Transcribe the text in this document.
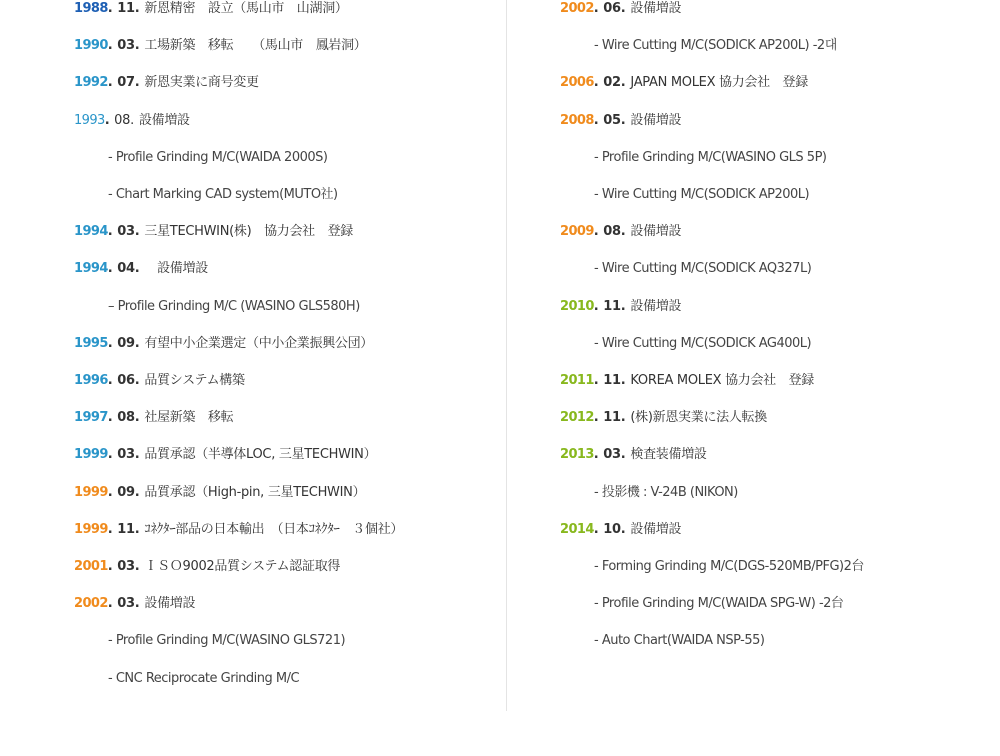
1988. 11. 新恩精密　設立（馬山市　山湖洞）
1990. 03. 工場新築　移転　　（馬山市　鳳岩洞）
1992. 07. 新恩実業に商号変更
1993. 08. 設備増設
- Profile Grinding M/C(WAIDA 2000S)
- Chart Marking CAD system(MUTO社)
1994. 03. 三星TECHWIN(株)　協力会社　登録
1994. 04.　設備増設
– Profile Grinding M/C (WASINO GLS580H)
1995. 09. 有望中小企業選定（中小企業振興公団）
1996. 06. 品質システム構築
1997. 08. 社屋新築　移転
1999. 03. 品質承認（半導体LOC, 三星TECHWIN）
1999. 09. 品質承認（High-pin, 三星TECHWIN）
1999. 11. ｺﾈｸﾀｰ部品の日本輸出　（日本ｺﾈｸﾀｰ　３個社）
2001. 03. ＩＳＯ9002品質システム認証取得
2002. 03. 設備増設
- Profile Grinding M/C(WASINO GLS721)
- CNC Reciprocate Grinding M/C
2002. 06. 設備増設
- Wire Cutting M/C(SODICK AP200L) -2대
2006. 02. JAPAN MOLEX 協力会社　登録
2008. 05. 設備増設
- Profile Grinding M/C(WASINO GLS 5P)
- Wire Cutting M/C(SODICK AP200L)
2009. 08. 設備増設
- Wire Cutting M/C(SODICK AQ327L)
2010. 11. 設備増設
- Wire Cutting M/C(SODICK AG400L)
2011. 11. KOREA MOLEX 協力会社　登録
2012. 11. (株)新恩実業に法人転換
2013. 03. 検査装備増設
- 投影機 : V-24B (NIKON)
2014. 10. 設備増設
- Forming Grinding M/C(DGS-520MB/PFG)2台
- Profile Grinding M/C(WAIDA SPG-W) -2台
- Auto Chart(WAIDA NSP-55)
